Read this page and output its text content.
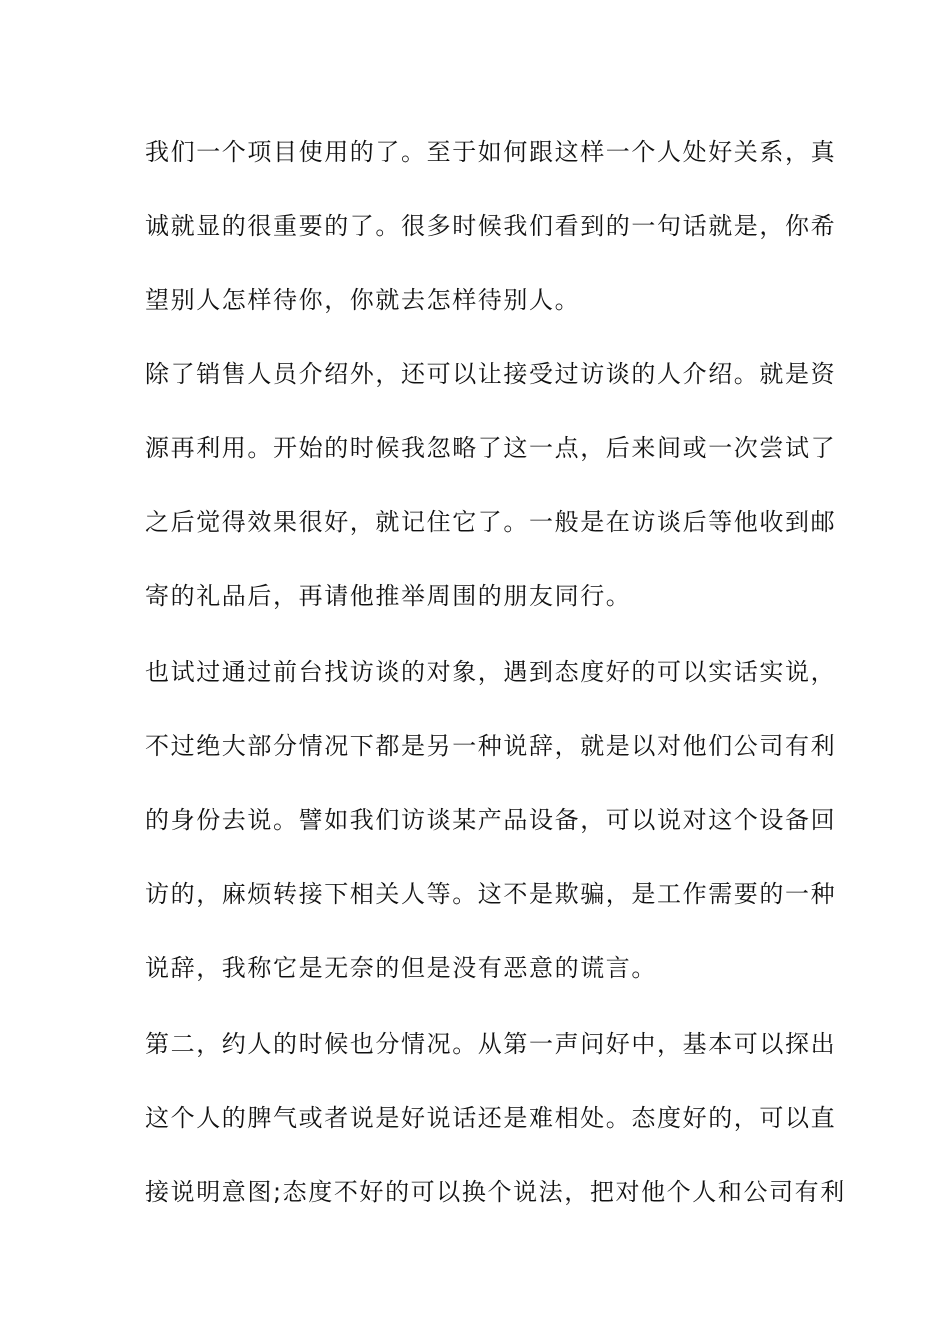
我们一个项目使用的了。至于如何跟这样一个人处好关系，真
诚就显的很重要的了。很多时候我们看到的一句话就是，你希
望别人怎样待你，你就去怎样待别人。
除了销售人员介绍外，还可以让接受过访谈的人介绍。就是资
源再利用。开始的时候我忽略了这一点，后来间或一次尝试了
之后觉得效果很好，就记住它了。一般是在访谈后等他收到邮
寄的礼品后，再请他推举周围的朋友同行。
也试过通过前台找访谈的对象，遇到态度好的可以实话实说，
不过绝大部分情况下都是另一种说辞，就是以对他们公司有利
的身份去说。譬如我们访谈某产品设备，可以说对这个设备回
访的，麻烦转接下相关人等。这不是欺骗，是工作需要的一种
说辞，我称它是无奈的但是没有恶意的谎言。
第二，约人的时候也分情况。从第一声问好中，基本可以探出
这个人的脾气或者说是好说话还是难相处。态度好的，可以直
接说明意图;态度不好的可以换个说法，把对他个人和公司有利
